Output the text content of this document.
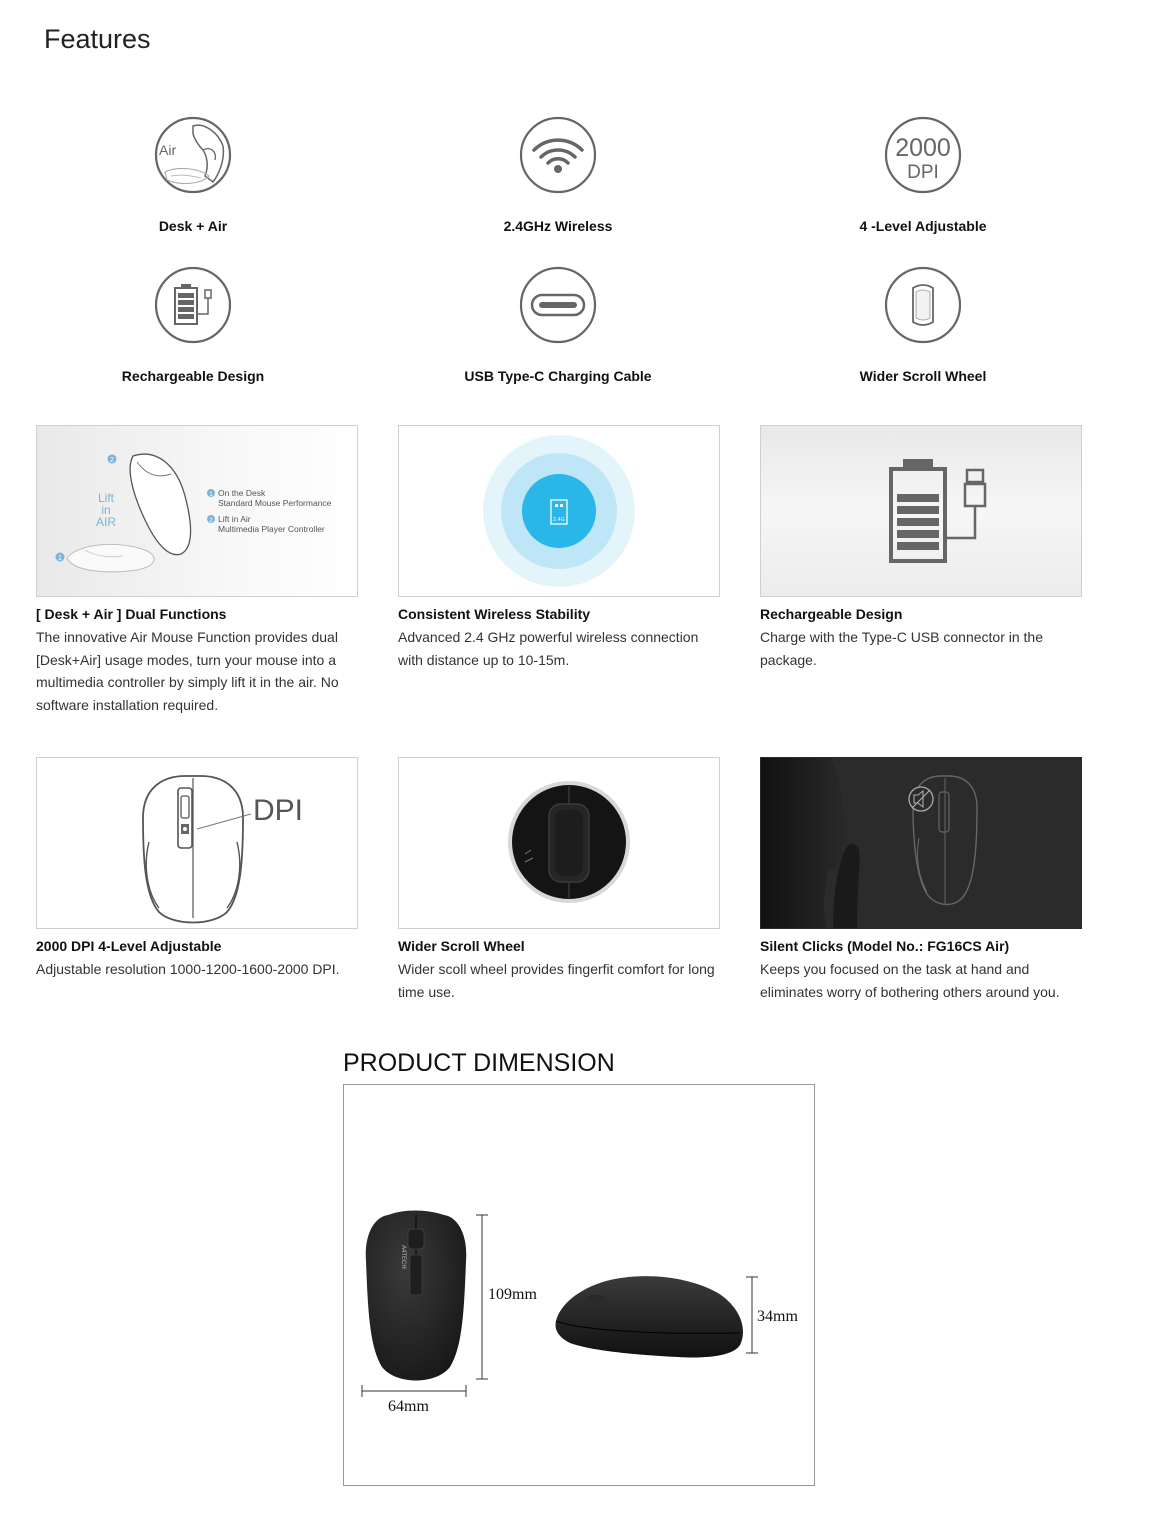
Features
Air
Desk + Air	2.4GHz Wireless
2000
DPI
4 -Level Adjustable
Rechargeable Design	USB Type-C Charging Cable	Wider Scroll Wheel
2
1
Lift
in
AIR
1 On the Desk
Standard Mouse Performance
2 Lift in Air
Multimedia Player Controller
[ Desk + Air ] Dual Functions
The innovative Air Mouse Function provides dual [Desk+Air] usage modes, turn your mouse into a multimedia controller by simply lift it in the air. No software installation required.
2.4G
Consistent Wireless Stability
Advanced 2.4 GHz powerful wireless connection with distance up to 10-15m.
Rechargeable Design
Charge with the Type-C USB connector in the package.
DPI
2000 DPI 4-Level Adjustable
Adjustable resolution 1000-1200-1600-2000 DPI.
Wider Scroll Wheel
Wider scoll wheel provides fingerfit comfort for long time use.
Silent Clicks (Model No.: FG16CS Air)
Keeps you focused on the task at hand and eliminates worry of bothering others around you.
PRODUCT DIMENSION
A4TECH
109mm
64mm
34mm
